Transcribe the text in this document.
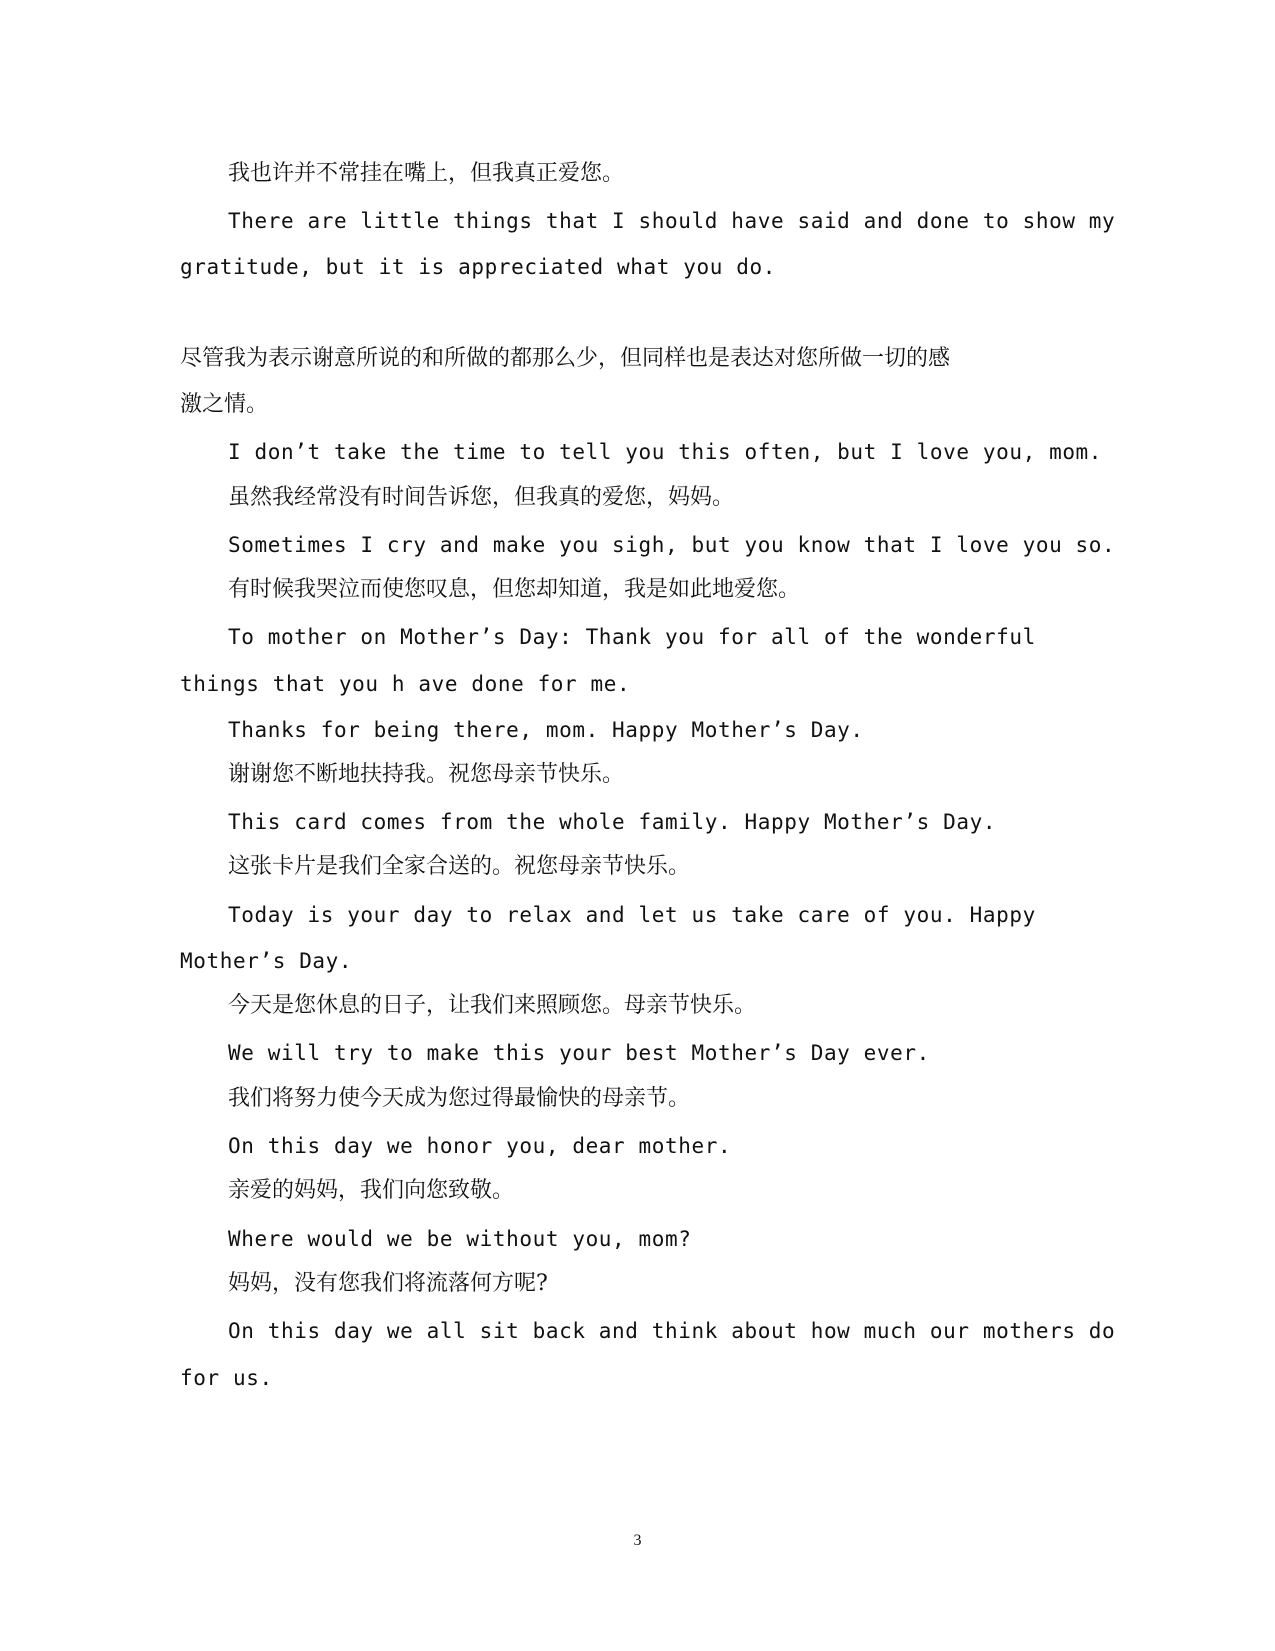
我也许并不常挂在嘴上，但我真正爱您。
There are little things that I should have said and done to show my
gratitude, but it is appreciated what you do.
尽管我为表示谢意所说的和所做的都那么少，但同样也是表达对您所做一切的感
激之情。
I don’t take the time to tell you this often, but I love you, mom.
虽然我经常没有时间告诉您，但我真的爱您，妈妈。
Sometimes I cry and make you sigh, but you know that I love you so.
有时候我哭泣而使您叹息，但您却知道，我是如此地爱您。
To mother on Mother’s Day: Thank you for all of the wonderful
things that you h ave done for me.
Thanks for being there, mom. Happy Mother’s Day.
谢谢您不断地扶持我。祝您母亲节快乐。
This card comes from the whole family. Happy Mother’s Day.
这张卡片是我们全家合送的。祝您母亲节快乐。
Today is your day to relax and let us take care of you. Happy
Mother’s Day.
今天是您休息的日子，让我们来照顾您。母亲节快乐。
We will try to make this your best Mother’s Day ever.
我们将努力使今天成为您过得最愉快的母亲节。
On this day we honor you, dear mother.
亲爱的妈妈，我们向您致敬。
Where would we be without you, mom?
妈妈，没有您我们将流落何方呢?
On this day we all sit back and think about how much our mothers do
for us.
3
